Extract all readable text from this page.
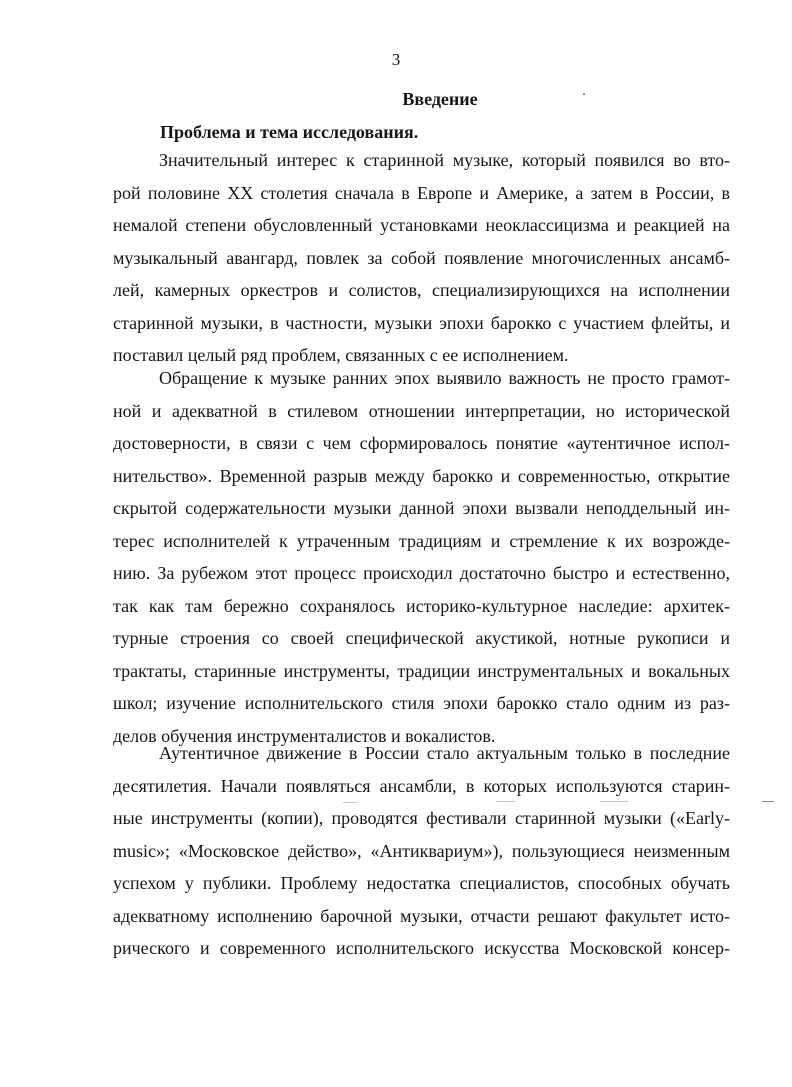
3
Введение
Проблема и тема исследования.
Значительный интерес к старинной музыке, который появился во вто-
рой половине XX столетия сначала в Европе и Америке, а затем в России, в
немалой степени обусловленный установками неоклассицизма и реакцией на
музыкальный авангард, повлек за собой появление многочисленных ансамб-
лей, камерных оркестров и солистов, специализирующихся на исполнении
старинной музыки, в частности, музыки эпохи барокко с участием флейты, и
поставил целый ряд проблем, связанных с ее исполнением.
Обращение к музыке ранних эпох выявило важность не просто грамот-
ной и адекватной в стилевом отношении интерпретации, но исторической
достоверности, в связи с чем сформировалось понятие «аутентичное испол-
нительство». Временной разрыв между барокко и современностью, открытие
скрытой содержательности музыки данной эпохи вызвали неподдельный ин-
терес исполнителей к утраченным традициям и стремление к их возрожде-
нию. За рубежом этот процесс происходил достаточно быстро и естественно,
так как там бережно сохранялось историко-культурное наследие: архитек-
турные строения со своей специфической акустикой, нотные рукописи и
трактаты, старинные инструменты, традиции инструментальных и вокальных
школ; изучение исполнительского стиля эпохи барокко стало одним из раз-
делов обучения инструменталистов и вокалистов.
Аутентичное движение в России стало актуальным только в последние
десятилетия. Начали появляться ансамбли, в которых используются старин-
ные инструменты (копии), проводятся фестивали старинной музыки («Early-
music»; «Московское действо», «Антиквариум»), пользующиеся неизменным
успехом у публики. Проблему недостатка специалистов, способных обучать
адекватному исполнению барочной музыки, отчасти решают факультет исто-
рического и современного исполнительского искусства Московской консер-
